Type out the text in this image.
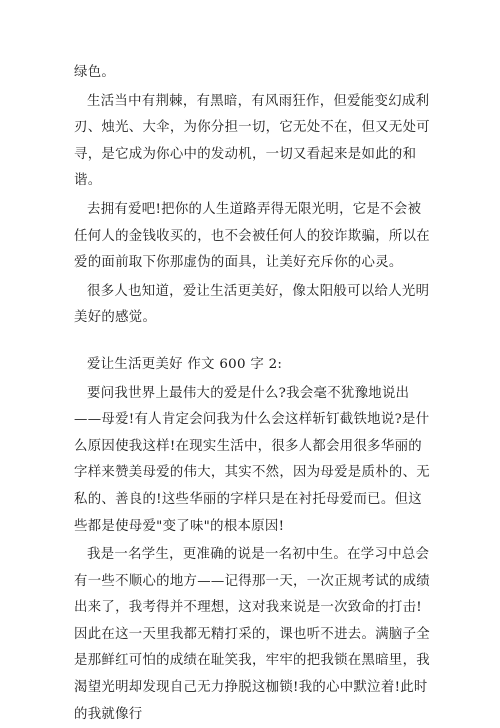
绿色。

生活当中有荆棘，有黑暗，有风雨狂作，但爱能变幻成利刃、烛光、大伞，为你分担一切，它无处不在，但又无处可寻，是它成为你心中的发动机，一切又看起来是如此的和谐。

去拥有爱吧!把你的人生道路弄得无限光明，它是不会被任何人的金钱收买的，也不会被任何人的狡诈欺骗，所以在爱的面前取下你那虚伪的面具，让美好充斥你的心灵。

很多人也知道，爱让生活更美好，像太阳般可以给人光明美好的感觉。

爱让生活更美好 作文 600 字 2:

要问我世界上最伟大的爱是什么?我会毫不犹豫地说出——母爱!有人肯定会问我为什么会这样斩钉截铁地说?是什么原因使我这样!在现实生活中，很多人都会用很多华丽的字样来赞美母爱的伟大，其实不然，因为母爱是质朴的、无私的、善良的!这些华丽的字样只是在衬托母爱而已。但这些都是使母爱"变了味"的根本原因!

我是一名学生，更准确的说是一名初中生。在学习中总会有一些不顺心的地方——记得那一天，一次正规考试的成绩出来了，我考得并不理想，这对我来说是一次致命的打击!因此在这一天里我都无精打采的，课也听不进去。满脑子全是那鲜红可怕的成绩在耻笑我，牢牢的把我锁在黑暗里，我渴望光明却发现自己无力挣脱这枷锁!我的心中默泣着!此时的我就像行
